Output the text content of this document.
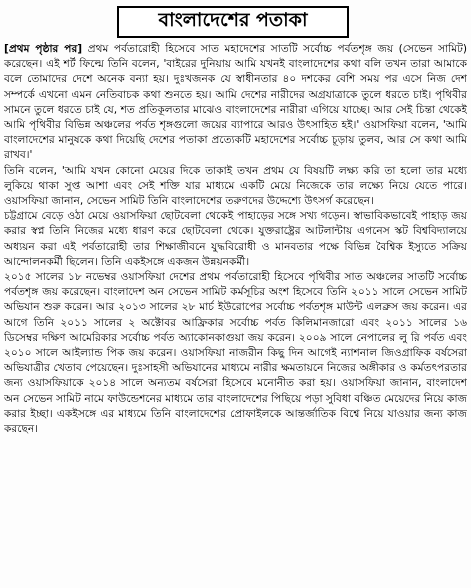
বাংলাদেশের পতাকা

[প্রথম পৃষ্ঠার পর] প্রথম পর্বতারোহী হিসেবে সাত মহাদেশের সাতটি সর্বোচ্চ পর্বতশৃঙ্গ জয় (সেভেন সামিট) করেছেন। এই শর্ট ফিল্মে তিনি বলেন, 'বাইরের দুনিয়ায় আমি যখনই বাংলাদেশের কথা বলি তখন তারা আমাকে বলে তোমাদের দেশে অনেক বন্যা হয়। দুঃখজনক যে স্বাধীনতার ৪০ দশকের বেশি সময় পর এসে নিজ দেশ সম্পর্কে এখনো এমন নেতিবাচক কথা শুনতে হয়। আমি দেশের নারীদের অগ্রযাত্রাকে তুলে ধরতে চাই। পৃথিবীর সামনে তুলে ধরতে চাই যে, শত প্রতিকূলতার মাঝেও বাংলাদেশের নারীরা এগিয়ে যাচ্ছে। আর সেই চিন্তা থেকেই আমি পৃথিবীর বিভিন্ন অঞ্চলের পর্বত শৃঙ্গগুলো জয়ের ব্যাপারে আরও উৎসাহিত হই।' ওয়াসফিয়া বলেন, 'আমি বাংলাদেশের মানুষকে কথা দিয়েছি দেশের পতাকা প্রত্যেকটি মহাদেশের সর্বোচ্চ চূড়ায় তুলব, আর সে কথা আমি রাখব।'

তিনি বলেন, 'আমি যখন কোনো মেয়ের দিকে তাকাই তখন প্রথম যে বিষয়টি লক্ষ্য করি তা হলো তার মধ্যে লুকিয়ে থাকা সুপ্ত আশা এবং সেই শক্তি যার মাধ্যমে একটি মেয়ে নিজেকে তার লক্ষ্যে নিয়ে যেতে পারে। ওয়াসফিয়া জানান, সেভেন সামিট তিনি বাংলাদেশের তরুণদের উদ্দেশ্যে উৎসর্গ করেছেন।

চট্টগ্রামে বেড়ে ওঠা মেয়ে ওয়াসফিয়া ছোটবেলা থেকেই পাহাড়ের সঙ্গে সখ্য গড়েন। স্বাভাবিকভাবেই পাহাড় জয় করার স্বপ্ন তিনি নিজের মধ্যে ধারণ করে ছোটবেলা থেকে। যুক্তরাষ্ট্রের আটলান্টায় এগনেস স্কট বিশ্ববিদ্যালয়ে অধ্যয়ন করা এই পর্বতারোহী তার শিক্ষাজীবনে যুদ্ধবিরোধী ও মানবতার পক্ষে বিভিন্ন বৈশ্বিক ইস্যুতে সক্রিয় আন্দোলনকর্মী ছিলেন। তিনি একইসঙ্গে একজন উন্নয়নকর্মী।

২০১৫ সালের ১৮ নভেম্বর ওয়াসফিয়া দেশের প্রথম পর্বতারোহী হিসেবে পৃথিবীর সাত অঞ্চলের সাতটি সর্বোচ্চ পর্বতশৃঙ্গ জয় করেছেন। বাংলাদেশ অন সেভেন সামিট কর্মসূচির অংশ হিসেবে তিনি ২০১১ সালে সেভেন সামিট অভিযান শুরু করেন। আর ২০১৩ সালের ২৮ মার্চ ইউরোপের সর্বোচ্চ পর্বতশৃঙ্গ মাউন্ট এলব্রুস জয় করেন। এর আগে তিনি ২০১১ সালের ২ অক্টোবর আফ্রিকার সর্বোচ্চ পর্বত কিলিমানজারো এবং ২০১১ সালের ১৬ ডিসেম্বর দক্ষিণ আমেরিকার সর্বোচ্চ পর্বত অ্যাকোনকাগুয়া জয় করেন। ২০০৯ সালে নেপালের লু রি পর্বত এবং ২০১০ সালে আইল্যান্ড পিক জয় করেন। ওয়াসফিয়া নাজরীন কিছু দিন আগেই ন্যাশনাল জিওগ্রাফিক বর্ষসেরা অভিযাত্রীর খেতাব পেয়েছেন। দুঃসাহসী অভিযানের মাধ্যমে নারীর ক্ষমতায়নে নিজের অঙ্গীকার ও কর্মতৎপরতার জন্য ওয়াসফিয়াকে ২০১৪ সালে অন্যতম বর্ষসেরা হিসেবে মনোনীত করা হয়। ওয়াসফিয়া জানান, বাংলাদেশ অন সেভেন সামিট নামে ফাউন্ডেশনের মাধ্যমে তার বাংলাদেশের পিছিয়ে পড়া সুবিধা বঞ্চিত মেয়েদের নিয়ে কাজ করার ইচ্ছা। একইসঙ্গে এর মাধ্যমে তিনি বাংলাদেশের প্রোফাইলকে আন্তর্জাতিক বিশ্বে নিয়ে যাওয়ার জন্য কাজ করছেন।
